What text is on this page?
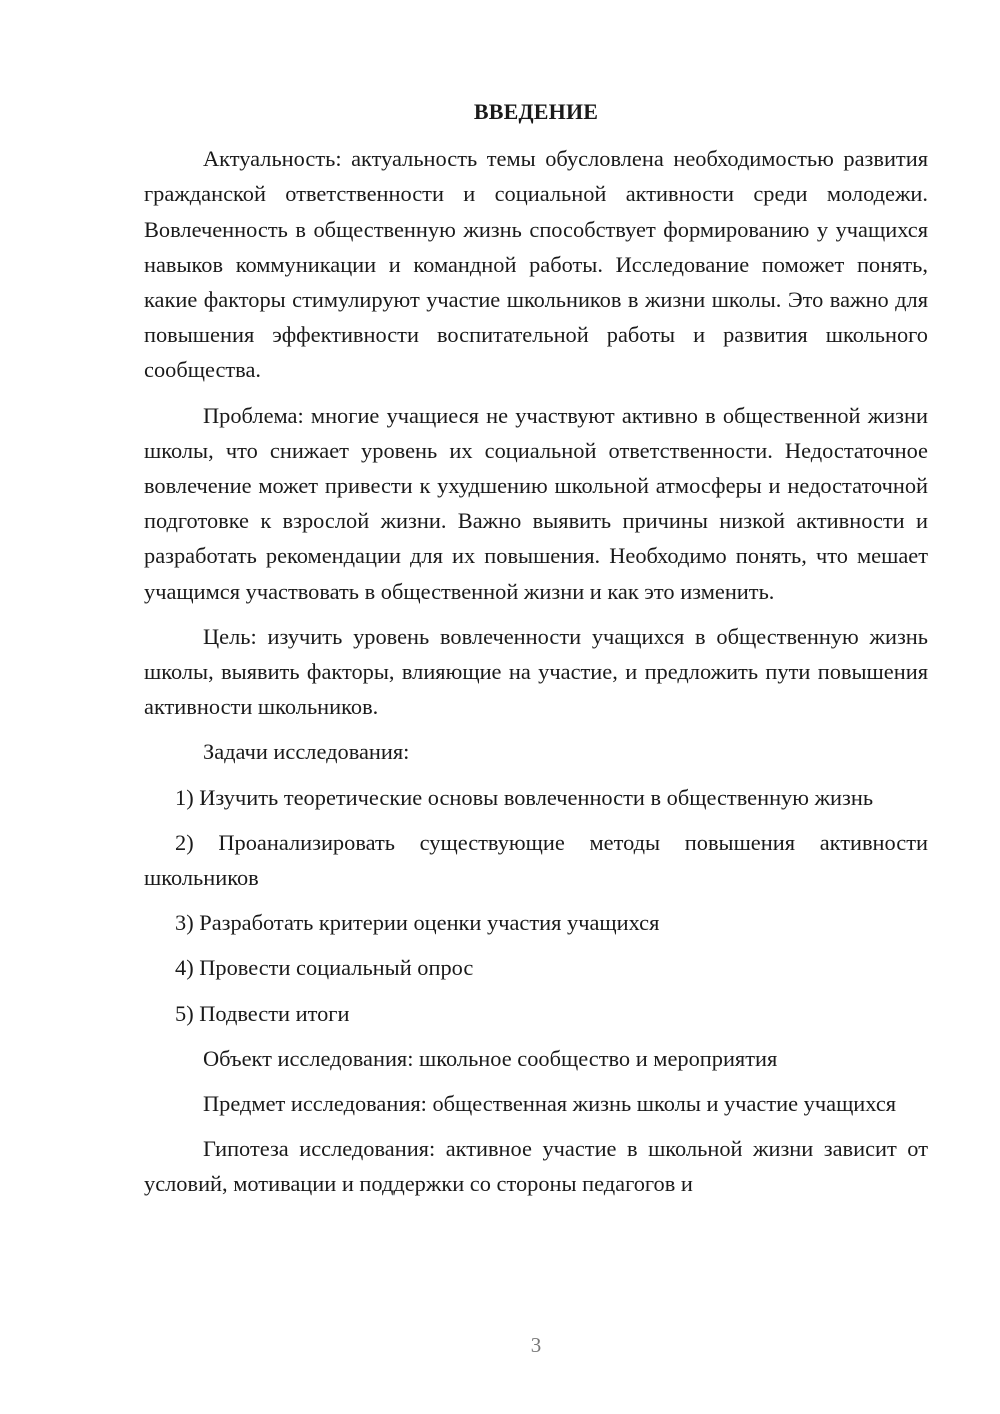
ВВЕДЕНИЕ

Актуальность: актуальность темы обусловлена необходимостью развития гражданской ответственности и социальной активности среди молодежи. Вовлеченность в общественную жизнь способствует формированию у учащихся навыков коммуникации и командной работы. Исследование поможет понять, какие факторы стимулируют участие школьников в жизни школы. Это важно для повышения эффективности воспитательной работы и развития школьного сообщества.

Проблема: многие учащиеся не участвуют активно в общественной жизни школы, что снижает уровень их социальной ответственности. Недостаточное вовлечение может привести к ухудшению школьной атмосферы и недостаточной подготовке к взрослой жизни. Важно выявить причины низкой активности и разработать рекомендации для их повышения. Необходимо понять, что мешает учащимся участвовать в общественной жизни и как это изменить.

Цель: изучить уровень вовлеченности учащихся в общественную жизнь школы, выявить факторы, влияющие на участие, и предложить пути повышения активности школьников.

Задачи исследования:

1) Изучить теоретические основы вовлеченности в общественную жизнь

2) Проанализировать существующие методы повышения активности школьников

3) Разработать критерии оценки участия учащихся

4) Провести социальный опрос

5) Подвести итоги

Объект исследования: школьное сообщество и мероприятия

Предмет исследования: общественная жизнь школы и участие учащихся

Гипотеза исследования: активное участие в школьной жизни зависит от условий, мотивации и поддержки со стороны педагогов и

3
